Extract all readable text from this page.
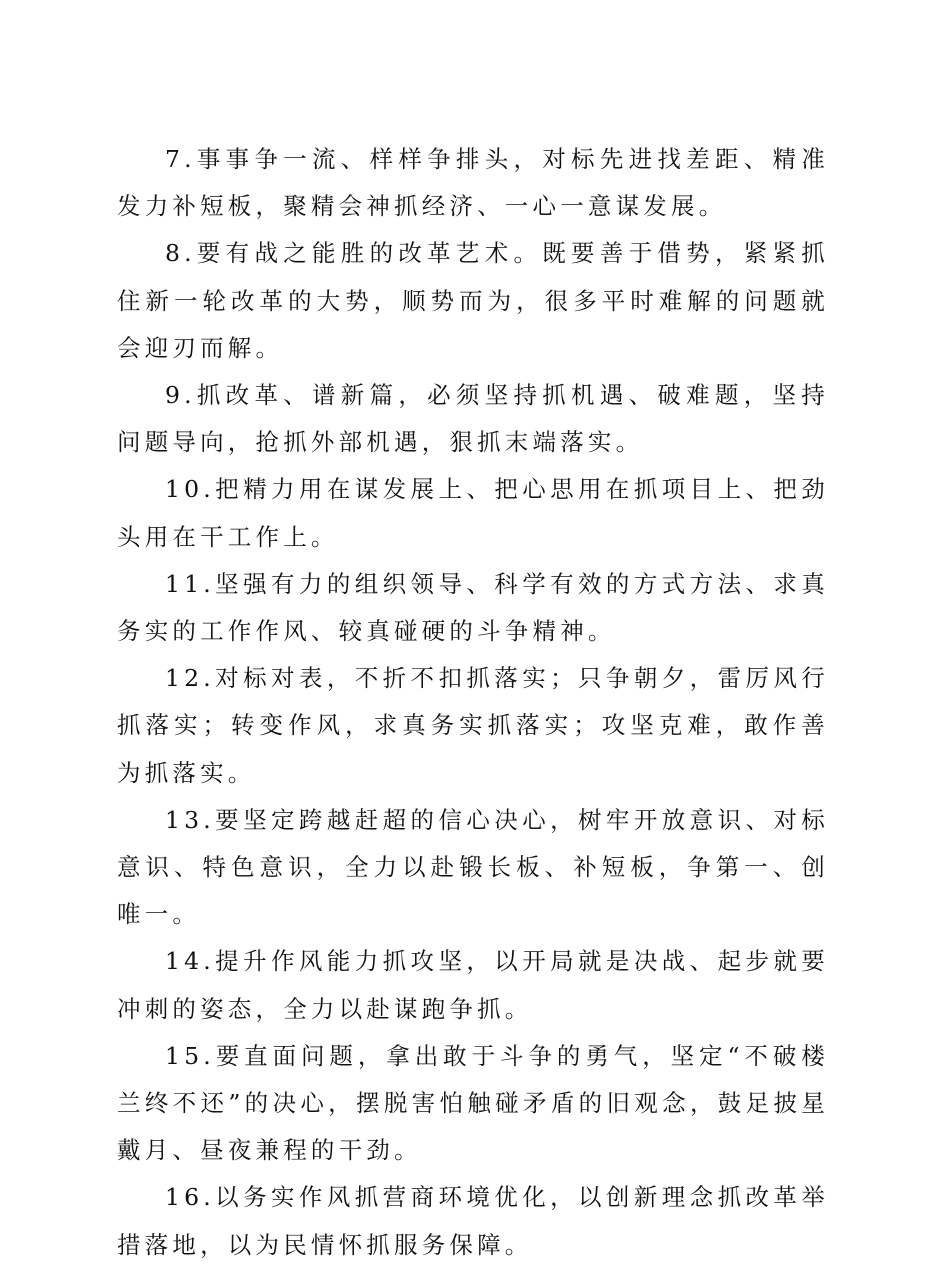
7.事事争一流、样样争排头，对标先进找差距、精准发力补短板，聚精会神抓经济、一心一意谋发展。

8.要有战之能胜的改革艺术。既要善于借势，紧紧抓住新一轮改革的大势，顺势而为，很多平时难解的问题就会迎刃而解。

9.抓改革、谱新篇，必须坚持抓机遇、破难题，坚持问题导向，抢抓外部机遇，狠抓末端落实。

10.把精力用在谋发展上、把心思用在抓项目上、把劲头用在干工作上。

11.坚强有力的组织领导、科学有效的方式方法、求真务实的工作作风、较真碰硬的斗争精神。

12.对标对表，不折不扣抓落实；只争朝夕，雷厉风行抓落实；转变作风，求真务实抓落实；攻坚克难，敢作善为抓落实。

13.要坚定跨越赶超的信心决心，树牢开放意识、对标意识、特色意识，全力以赴锻长板、补短板，争第一、创唯一。

14.提升作风能力抓攻坚，以开局就是决战、起步就要冲刺的姿态，全力以赴谋跑争抓。

15.要直面问题，拿出敢于斗争的勇气，坚定“不破楼兰终不还”的决心，摆脱害怕触碰矛盾的旧观念，鼓足披星戴月、昼夜兼程的干劲。

16.以务实作风抓营商环境优化，以创新理念抓改革举措落地，以为民情怀抓服务保障。
